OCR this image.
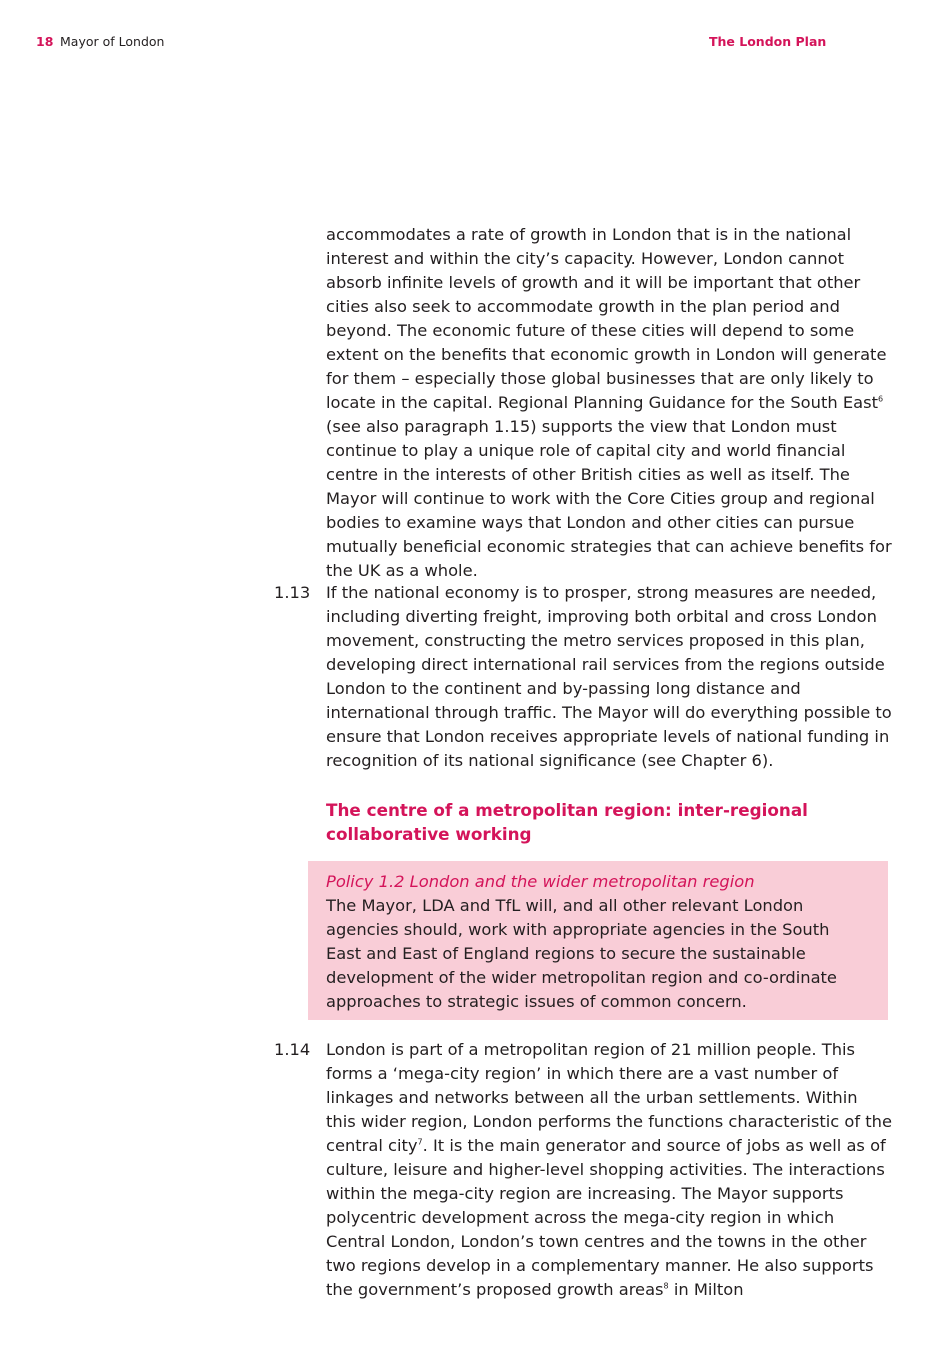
18 Mayor of London	The London Plan

accommodates a rate of growth in London that is in the national interest and within the city’s capacity. However, London cannot absorb infinite levels of growth and it will be important that other cities also seek to accommodate growth in the plan period and beyond. The economic future of these cities will depend to some extent on the benefits that economic growth in London will generate for them – especially those global businesses that are only likely to locate in the capital. Regional Planning Guidance for the South East$^6$ (see also paragraph 1.15) supports the view that London must continue to play a unique role of capital city and world financial centre in the interests of other British cities as well as itself. The Mayor will continue to work with the Core Cities group and regional bodies to examine ways that London and other cities can pursue mutually beneficial economic strategies that can achieve benefits for the UK as a whole.

1.13 If the national economy is to prosper, strong measures are needed, including diverting freight, improving both orbital and cross London movement, constructing the metro services proposed in this plan, developing direct international rail services from the regions outside London to the continent and by-passing long distance and international through traffic. The Mayor will do everything possible to ensure that London receives appropriate levels of national funding in recognition of its national significance (see Chapter 6).

The centre of a metropolitan region: inter-regional collaborative working
Policy 1.2 London and the wider metropolitan region

The Mayor, LDA and TfL will, and all other relevant London agencies should, work with appropriate agencies in the South East and East of England regions to secure the sustainable development of the wider metropolitan region and co-ordinate approaches to strategic issues of common concern.

1.14 London is part of a metropolitan region of 21 million people. This forms a ‘mega-city region’ in which there are a vast number of linkages and networks between all the urban settlements. Within this wider region, London performs the functions characteristic of the central city$^7$. It is the main generator and source of jobs as well as of culture, leisure and higher-level shopping activities. The interactions within the mega-city region are increasing. The Mayor supports polycentric development across the mega-city region in which Central London, London’s town centres and the towns in the other two regions develop in a complementary manner. He also supports the government’s proposed growth areas$^8$ in Milton
